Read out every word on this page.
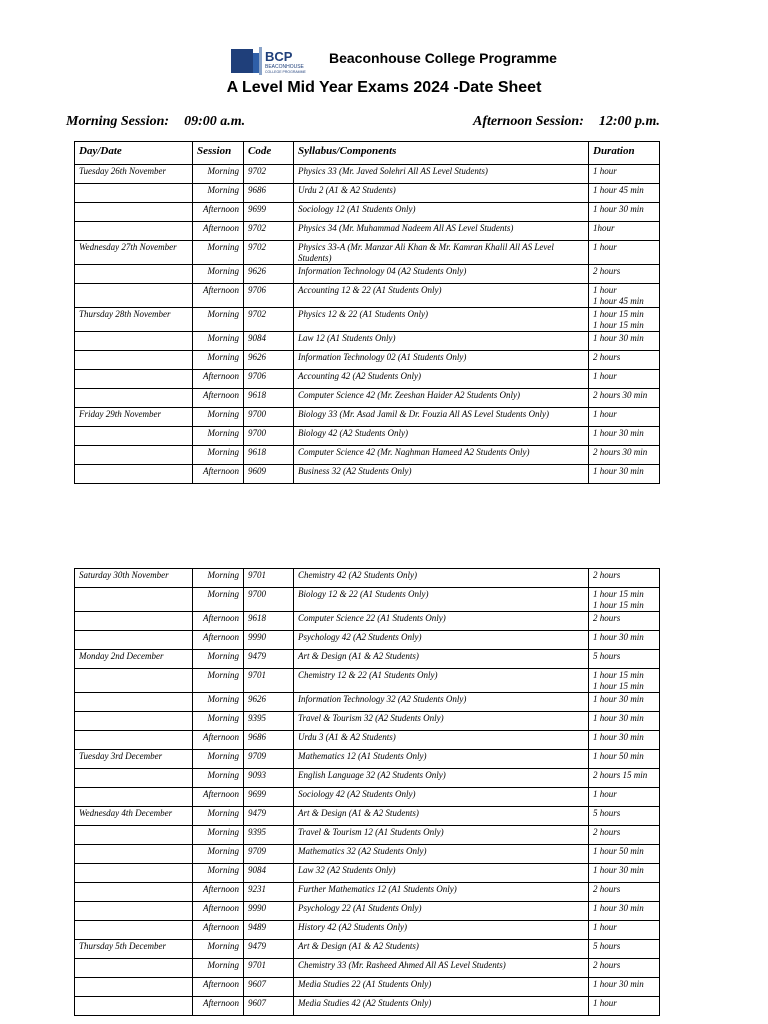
BCP
BEACONHOUSE
COLLEGE PROGRAMME
Beaconhouse College Programme
A Level Mid Year Exams 2024 -Date Sheet
Morning Session: 09:00 a.m.	Afternoon Session: 12:00 p.m.
Day/Date	Session	Code	Syllabus/Components	Duration
Tuesday 26th November	Morning	9702	Physics 33 (Mr. Javed Solehri All AS Level Students)	1 hour
	Morning	9686	Urdu 2 (A1 & A2 Students)	1 hour 45 min
	Afternoon	9699	Sociology 12 (A1 Students Only)	1 hour 30 min
	Afternoon	9702	Physics 34 (Mr. Muhammad Nadeem All AS Level Students)	1hour
Wednesday 27th November	Morning	9702	Physics 33-A (Mr. Manzar Ali Khan & Mr. Kamran Khalil All AS Level Students)	1 hour
	Morning	9626	Information Technology 04 (A2 Students Only)	2 hours
	Afternoon	9706	Accounting 12 & 22 (A1 Students Only)	1 hour
1 hour 45 min
Thursday 28th November	Morning	9702	Physics 12 & 22 (A1 Students Only)	1 hour 15 min
1 hour 15 min
	Morning	9084	Law 12 (A1 Students Only)	1 hour 30 min
	Morning	9626	Information Technology 02 (A1 Students Only)	2 hours
	Afternoon	9706	Accounting 42 (A2 Students Only)	1 hour
	Afternoon	9618	Computer Science 42 (Mr. Zeeshan Haider A2 Students Only)	2 hours 30 min
Friday 29th November	Morning	9700	Biology 33 (Mr. Asad Jamil & Dr. Fouzia All AS Level Students Only)	1 hour
	Morning	9700	Biology 42 (A2 Students Only)	1 hour 30 min
	Morning	9618	Computer Science 42 (Mr. Naghman Hameed A2 Students Only)	2 hours 30 min
	Afternoon	9609	Business 32 (A2 Students Only)	1 hour 30 min
Saturday 30th November	Morning	9701	Chemistry 42 (A2 Students Only)	2 hours
	Morning	9700	Biology 12 & 22 (A1 Students Only)	1 hour 15 min
1 hour 15 min
	Afternoon	9618	Computer Science 22 (A1 Students Only)	2 hours
	Afternoon	9990	Psychology 42 (A2 Students Only)	1 hour 30 min
Monday 2nd December	Morning	9479	Art & Design (A1 & A2 Students)	5 hours
	Morning	9701	Chemistry 12 & 22 (A1 Students Only)	1 hour 15 min
1 hour 15 min
	Morning	9626	Information Technology 32 (A2 Students Only)	1 hour 30 min
	Morning	9395	Travel & Tourism 32 (A2 Students Only)	1 hour 30 min
	Afternoon	9686	Urdu 3 (A1 & A2 Students)	1 hour 30 min
Tuesday 3rd December	Morning	9709	Mathematics 12 (A1 Students Only)	1 hour 50 min
	Morning	9093	English Language 32 (A2 Students Only)	2 hours 15 min
	Afternoon	9699	Sociology 42 (A2 Students Only)	1 hour
Wednesday 4th December	Morning	9479	Art & Design (A1 & A2 Students)	5 hours
	Morning	9395	Travel & Tourism 12 (A1 Students Only)	2 hours
	Morning	9709	Mathematics 32 (A2 Students Only)	1 hour 50 min
	Morning	9084	Law 32 (A2 Students Only)	1 hour 30 min
	Afternoon	9231	Further Mathematics 12 (A1 Students Only)	2 hours
	Afternoon	9990	Psychology 22 (A1 Students Only)	1 hour 30 min
	Afternoon	9489	History 42 (A2 Students Only)	1 hour
Thursday 5th December	Morning	9479	Art & Design (A1 & A2 Students)	5 hours
	Morning	9701	Chemistry 33 (Mr. Rasheed Ahmed All AS Level Students)	2 hours
	Afternoon	9607	Media Studies 22 (A1 Students Only)	1 hour 30 min
	Afternoon	9607	Media Studies 42 (A2 Students Only)	1 hour
